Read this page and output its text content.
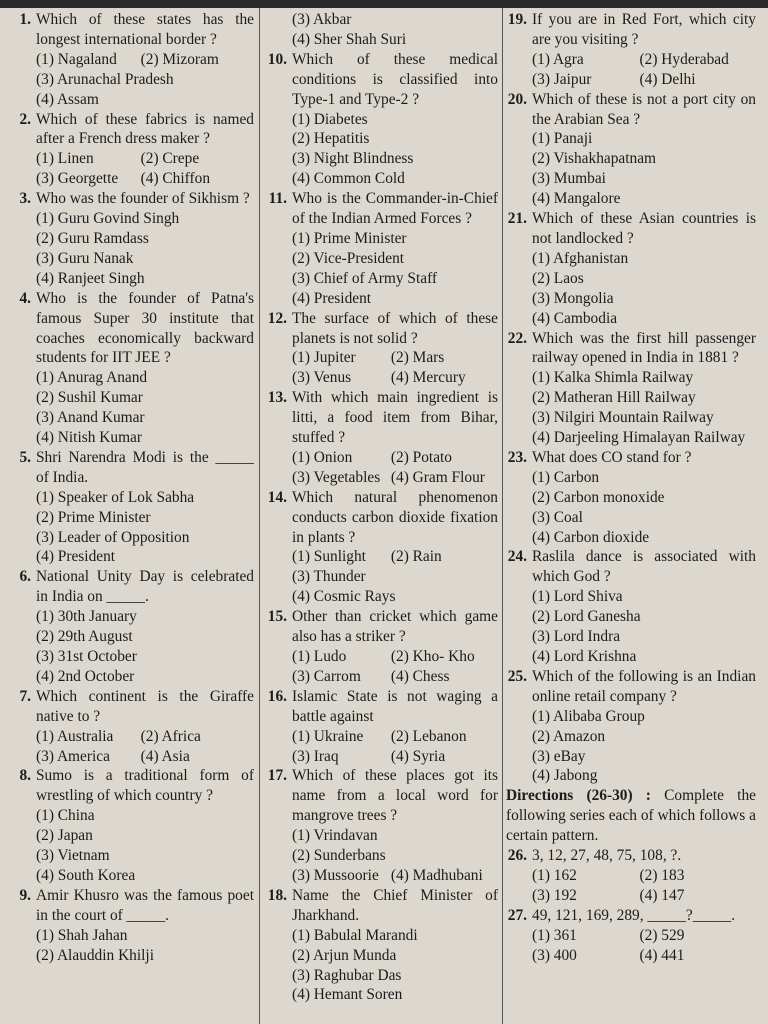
1. Which of these states has the longest international border ?
(1) Nagaland	(2) Mizoram
(3) Arunachal Pradesh
(4) Assam
2. Which of these fabrics is named after a French dress maker ?
(1) Linen	(2) Crepe
(3) Georgette	(4) Chiffon
3. Who was the founder of Sikhism ?
(1) Guru Govind Singh
(2) Guru Ramdass
(3) Guru Nanak
(4) Ranjeet Singh
4. Who is the founder of Patna's famous Super 30 institute that coaches economically backward students for IIT JEE ?
(1) Anurag Anand
(2) Sushil Kumar
(3) Anand Kumar
(4) Nitish Kumar
5. Shri Narendra Modi is the _____ of India.
(1) Speaker of Lok Sabha
(2) Prime Minister
(3) Leader of Opposition
(4) President
6. National Unity Day is celebrated in India on _____.
(1) 30th January
(2) 29th August
(3) 31st October
(4) 2nd October
7. Which continent is the Giraffe native to ?
(1) Australia	(2) Africa
(3) America	(4) Asia
8. Sumo is a traditional form of wrestling of which country ?
(1) China
(2) Japan
(3) Vietnam
(4) South Korea
9. Amir Khusro was the famous poet in the court of _____.
(1) Shah Jahan
(2) Alauddin Khilji
(3) Akbar
(4) Sher Shah Suri
10. Which of these medical conditions is classified into Type-1 and Type-2 ?
(1) Diabetes
(2) Hepatitis
(3) Night Blindness
(4) Common Cold
11. Who is the Commander-in-Chief of the Indian Armed Forces ?
(1) Prime Minister
(2) Vice-President
(3) Chief of Army Staff
(4) President
12. The surface of which of these planets is not solid ?
(1) Jupiter	(2) Mars
(3) Venus	(4) Mercury
13. With which main ingredient is litti, a food item from Bihar, stuffed ?
(1) Onion	(2) Potato
(3) Vegetables (4) Gram Flour
14. Which natural phenomenon conducts carbon dioxide fixation in plants ?
(1) Sunlight	(2) Rain
(3) Thunder
(4) Cosmic Rays
15. Other than cricket which game also has a striker ?
(1) Ludo	(2) Kho- Kho
(3) Carrom	(4) Chess
16. Islamic State is not waging a battle against
(1) Ukraine	(2) Lebanon
(3) Iraq	(4) Syria
17. Which of these places got its name from a local word for mangrove trees ?
(1) Vrindavan
(2) Sunderbans
(3) Mussoorie (4) Madhubani
18. Name the Chief Minister of Jharkhand.
(1) Babulal Marandi
(2) Arjun Munda
(3) Raghubar Das
(4) Hemant Soren
19. If you are in Red Fort, which city are you visiting ?
(1) Agra	(2) Hyderabad
(3) Jaipur	(4) Delhi
20. Which of these is not a port city on the Arabian Sea ?
(1) Panaji
(2) Vishakhapatnam
(3) Mumbai
(4) Mangalore
21. Which of these Asian countries is not landlocked ?
(1) Afghanistan
(2) Laos
(3) Mongolia
(4) Cambodia
22. Which was the first hill passenger railway opened in India in 1881 ?
(1) Kalka Shimla Railway
(2) Matheran Hill Railway
(3) Nilgiri Mountain Railway
(4) Darjeeling Himalayan Railway
23. What does CO stand for ?
(1) Carbon
(2) Carbon monoxide
(3) Coal
(4) Carbon dioxide
24. Raslila dance is associated with which God ?
(1) Lord Shiva
(2) Lord Ganesha
(3) Lord Indra
(4) Lord Krishna
25. Which of the following is an Indian online retail company ?
(1) Alibaba Group
(2) Amazon
(3) eBay
(4) Jabong
Directions (26-30) : Complete the following series each of which follows a certain pattern.
26. 3, 12, 27, 48, 75, 108, ?.
(1) 162	(2) 183
(3) 192	(4) 147
27. 49, 121, 169, 289, _____?_____.
(1) 361	(2) 529
(3) 400	(4) 441
